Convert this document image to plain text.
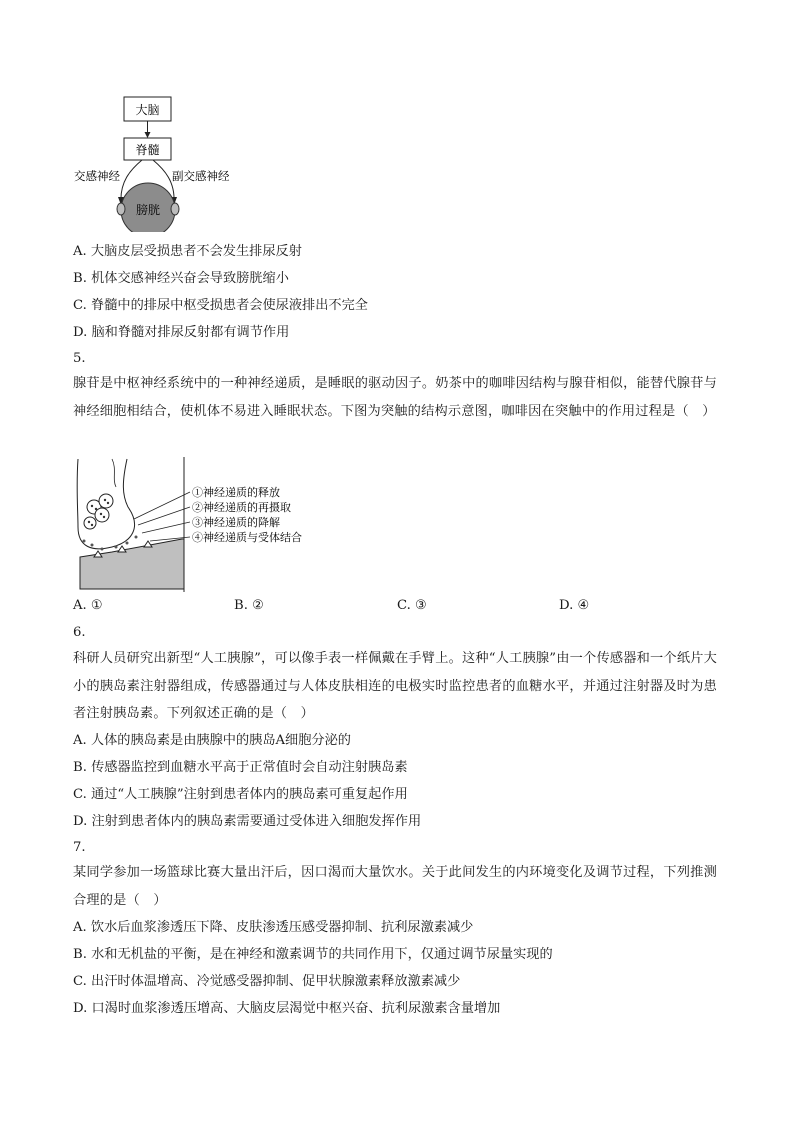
大脑
脊髓
交感神经	副交感神经
膀胱
A. 大脑皮层受损患者不会发生排尿反射
B. 机体交感神经兴奋会导致膀胱缩小
C. 脊髓中的排尿中枢受损患者会使尿液排出不完全
D. 脑和脊髓对排尿反射都有调节作用
5.
腺苷是中枢神经系统中的一种神经递质，是睡眠的驱动因子。奶茶中的咖啡因结构与腺苷相似，能替代腺苷与神经细胞相结合，使机体不易进入睡眠状态。下图为突触的结构示意图，咖啡因在突触中的作用过程是（　）
①神经递质的释放
②神经递质的再摄取
③神经递质的降解
④神经递质与受体结合
A. ①	B. ②	C. ③	D. ④
6.
科研人员研究出新型“人工胰腺”，可以像手表一样佩戴在手臂上。这种“人工胰腺”由一个传感器和一个纸片大小的胰岛素注射器组成，传感器通过与人体皮肤相连的电极实时监控患者的血糖水平，并通过注射器及时为患者注射胰岛素。下列叙述正确的是（　）
A. 人体的胰岛素是由胰腺中的胰岛A细胞分泌的
B. 传感器监控到血糖水平高于正常值时会自动注射胰岛素
C. 通过“人工胰腺”注射到患者体内的胰岛素可重复起作用
D. 注射到患者体内的胰岛素需要通过受体进入细胞发挥作用
7.
某同学参加一场篮球比赛大量出汗后，因口渴而大量饮水。关于此间发生的内环境变化及调节过程，下列推测合理的是（　）
A. 饮水后血浆渗透压下降、皮肤渗透压感受器抑制、抗利尿激素减少
B. 水和无机盐的平衡，是在神经和激素调节的共同作用下，仅通过调节尿量实现的
C. 出汗时体温增高、冷觉感受器抑制、促甲状腺激素释放激素减少
D. 口渴时血浆渗透压增高、大脑皮层渴觉中枢兴奋、抗利尿激素含量增加
